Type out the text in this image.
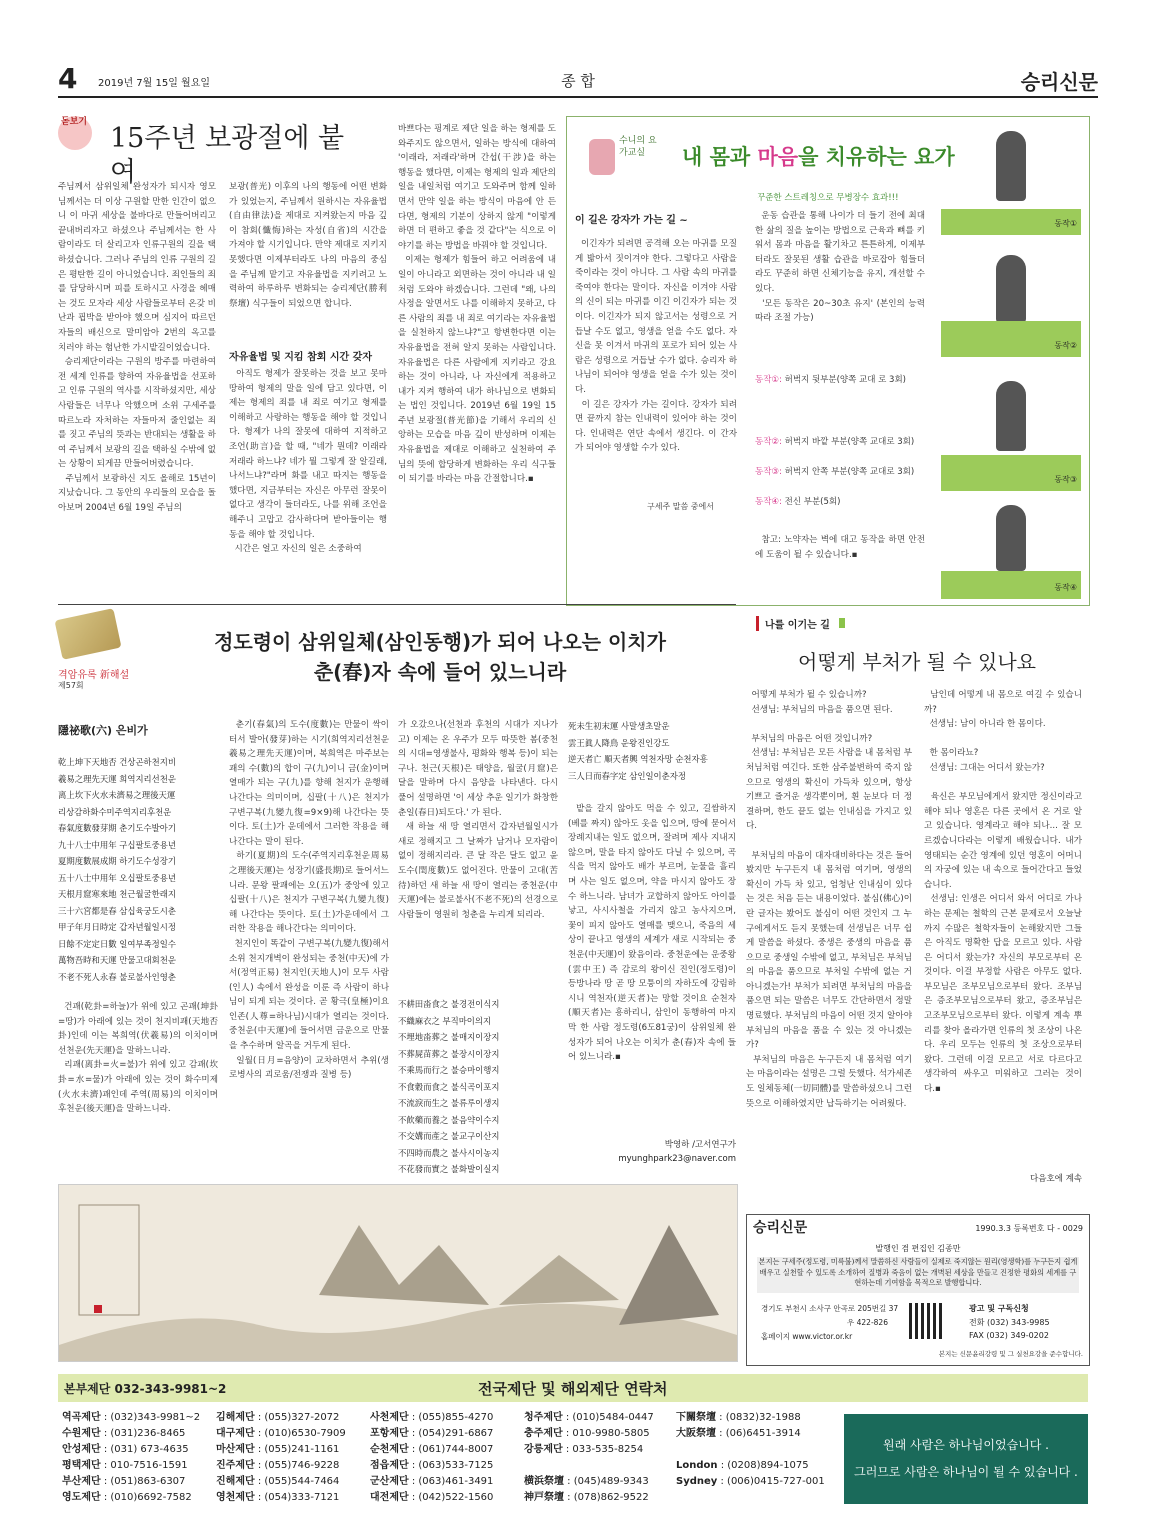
4 2019년 7월 15일 월요일	종 합	승리신문
돋보기
15주년 보광절에 붙여
주님께서 삼위일체 완성자가 되시자 영모님께서는 더 이상 구원할 만한 인간이 없으니 이 마귀 세상을 불바다로 만들어버리고 끝내버리자고 하셨으나 주님께서는 한 사람이라도 더 살리고자 인류구원의 길을 택하셨습니다. 그러나 주님의 인류 구원의 길은 평탄한 길이 아니었습니다. 죄인들의 죄를 담당하시며 피를 토하시고 사경을 헤매는 것도 모자라 세상 사람들로부터 온갖 비난과 핍박을 받아야 했으며 심지어 따르던 자들의 배신으로 말미암아 2번의 옥고를 치러야 하는 험난한 가시밭길이었습니다.
승리제단이라는 구원의 방주를 마련하여 전 세계 인류를 향하여 자유율법을 선포하고 인류 구원의 역사를 시작하셨지만, 세상 사람들은 너무나 악했으며 소위 구세주를 따르노라 자처하는 자들마저 줄인없는 죄를 짓고 주님의 뜻과는 반대되는 생활을 하여 주님께서 보광의 길을 택하실 수밖에 없는 상황이 되게끔 만들어버렸습니다.
주님께서 보광하신 지도 올해로 15년이 지났습니다. 그 동안의 우리들의 모습을 돌아보며 2004년 6월 19일 주님의
보광(普光) 이후의 나의 행동에 어떤 변화가 있었는지, 주님께서 원하시는 자유율법(自由律法)을 제대로 지켜왔는지 마음 깊이 참회(懺悔)하는 자성(自省)의 시간을 가져야 할 시기입니다. 만약 제대로 지키지 못했다면 이제부터라도 나의 마음의 중심을 주님께 맡기고 자유율법을 지키려고 노력하여 하루하루 변화되는 승리제단(勝利祭壇) 식구들이 되었으면 합니다.
자유율법 및 지킴 참회 시간 갖자
아직도 형제가 잘못하는 것을 보고 못마땅하여 형제의 말을 일에 담고 있다면, 이제는 형제의 죄를 내 죄로 여기고 형제를 이해하고 사랑하는 행동을 해야 할 것입니다. 형제가 나의 잘못에 대하여 지적하고 조언(助言)을 할 때, "네가 뭔데? 이래라 저래라 하느냐? 네가 뭘 그렇게 잘 알길래, 나서느냐?"라며 화를 내고 따지는 행동을 했다면, 지금부터는 자신은 아무런 잘못이 없다고 생각이 들더라도, 나를 위해 조언을 해주니 고맙고 감사하다며 받아들이는 행동을 해야 할 것입니다.
시간은 얼고 자신의 일은 소중하여
바쁘다는 핑계로 제단 일을 하는 형제를 도와주지도 않으면서, 일하는 방식에 대하여 '이래라, 저래라'하며 간섭(干涉)을 하는 행동을 했다면, 이제는 형제의 일과 제단의 일을 내일처럼 여기고 도와주며 함께 일하면서 만약 일을 하는 방식이 마음에 안 든다면, 형제의 기분이 상하지 않게 "이렇게 하면 더 편하고 좋을 것 같다"는 식으로 이야기를 하는 방법을 바꿔야 할 것입니다.
이제는 형제가 힘들어 하고 어려움에 내 일이 아니라고 외면하는 것이 아니라 내 일처럼 도와야 하겠습니다. 그런데 "왜, 나의 사정을 알면서도 나를 이해하지 못하고, 다른 사람의 죄를 내 죄로 여기라는 자유율법을 실천하지 않느냐?"고 항변한다면 이는 자유율법을 전혀 알지 못하는 사람입니다. 자유율법은 다른 사람에게 지키라고 강요하는 것이 아니라, 나 자신에게 적용하고 내가 지켜 행하여 내가 하나님으로 변화되는 법인 것입니다. 2019년 6월 19일 15주년 보광절(普光節)을 기해서 우리의 신앙하는 모습을 마음 깊이 반성하며 이제는 자유율법을 제대로 이해하고 실천하여 주님의 뜻에 합당하게 변화하는 우리 식구들이 되기를 바라는 마음 간절합니다.▪
수니의 요가교실	내 몸과 마음을 치유하는 요가
이 길은 강자가 가는 길 ~
이긴자가 되려면 공격해 오는 마귀를 모질게 밟아서 짓이겨야 한다. 그렇다고 사람을 죽이라는 것이 아니다. 그 사람 속의 마귀를 죽여야 한다는 말이다. 자신을 이겨야 사람의 신이 되는 마귀를 이긴 이긴자가 되는 것이다. 이긴자가 되지 않고서는 성령으로 거듭날 수도 없고, 영생을 얻을 수도 없다. 자신을 못 이겨서 마귀의 포로가 되어 있는 사람은 성령으로 거듭날 수가 없다. 승리자 하나님이 되어야 영생을 얻을 수가 있는 것이다.
이 길은 강자가 가는 길이다. 강자가 되려면 끝까지 참는 인내력이 있어야 하는 것이다. 인내력은 연단 속에서 생긴다. 이 간자가 되어야 영생할 수가 있다.
구세주 말씀 중에서
꾸준한 스트레칭으로 무병장수 효과!!!
운동 습관을 통해 나이가 더 들기 전에 최대한 삶의 질을 높이는 방법으로 근육과 뼈를 키워서 몸과 마음을 활기차고 튼튼하게, 이제부터라도 잘못된 생활 습관을 바로잡아 힘들더라도 꾸준히 하면 신체기능을 유지, 개선할 수 있다.
'모든 동작은 20~30초 유지' (본인의 능력 따라 조절 가능)
동작①: 허벅지 뒷부분(양쪽 교대 로 3회)
동작②: 허벅지 바깥 부분(양쪽 교대로 3회)
동작③: 허벅지 안쪽 부분(양쪽 교대로 3회)
동작④: 전신 부분(5회)
참고: 노약자는 벽에 대고 동작을 하면 안전에 도움이 될 수 있습니다.▪
동작①
동작②
동작③
동작④
격암유록 新해설
제57회
정도령이 삼위일체(삼인동행)가 되어 나오는 이치가
춘(春)자 속에 들어 있느니라
隱祕歌(六) 은비가
乾上坤下天地否 건상곤하천지비
羲易之理先天運 희역지리선천운
离上坎下火水未濟易之理後天運
리상감하화수미주역지리후천운
春氣度數發芽期 춘기도수발아기
九十八士中用年 구십팔토중용년
夏期度數展成期 하기도수성장기
五十八士中用年 오십팔토중용년
天根月窟寒來地 천근월굴한래지
三十六宮都是春 삼십육궁도시춘
甲子年月日時定 갑자년월일시정
日餘不定定日數 일여부족정일수
萬物吾時和天運 만물고대회천운
不老不死人永春 불로불사인영춘
건괘(乾卦=하늘)가 위에 있고 곤괘(坤卦=땅)가 아래에 있는 것이 천지비괘(天地否卦)인데 이는 복희역(伏羲易)의 이치이며 선천운(先天運)을 말하느니라.
리괘(离卦=火=불)가 위에 있고 감괘(坎卦=水=물)가 아래에 있는 것이 화수미제(火水未濟)괘인데 주역(周易)의 이치이며 후천운(後天運)을 말하느니라.
춘기(春氣)의 도수(度數)는 만물이 싹이 터서 발아(發芽)하는 시기(희역지리선천운羲易之理先天運)이며, 복희역은 마주보는 괘의 수(數)의 합이 구(九)이니 금(金)이며 열매가 되는 구(九)를 향해 천지가 운행해 나간다는 의미이며, 십팔(十八)은 천지가 구변구복(九變九復=9×9)해 나간다는 뜻이다. 토(土)가 운데에서 그러한 작용을 해나간다는 말이 된다.
하기(夏期)의 도수(주역지리후천운周易之理後天運)는 성장기(盛長期)로 들어서느니라. 문왕 팔괘에는 오(五)가 중앙에 있고 십팔(十八)은 천지가 구변구복(九變九復)해 나간다는 뜻이다. 토(土)가운데에서 그러한 작용을 해나간다는 의미이다.
천지인이 똑같이 구변구복(九變九復)해서 소위 천지개벽이 완성되는 중천(中天)에 가서(정역正易) 천지인(天地人)이 모두 사람(인人) 속에서 완성을 이룬 즉 사람이 하나님이 되게 되는 것이다. 곧 황극(皇極)이요 인존(人尊=하나님)시대가 열리는 것이다. 중천운(中天運)에 들어서면 금운으로 만물을 추수하며 알곡을 거두게 된다.
일월(日月=음양)이 교차하면서 추위(생로병사의 괴로움/전쟁과 질병 등)
가 오갔으나(선천과 후천의 시대가 지나가고) 이제는 온 우주가 모두 따뜻한 봄(중천의 시대=영생불사, 평화와 행복 등)이 되는구나. 천근(天根)은 태양을, 월굴(月窟)은 달을 말하며 다시 음양을 나타낸다. 다시 풀어 설명하면 '이 세상 추운 일기가 화창한 춘일(春日)되도다.' 가 된다.
새 하늘 새 땅 열리면서 갑자년월일시가 새로 정해지고 그 날짜가 남거나 모자람이 없이 정해지리라. 큰 달 작은 달도 없고 윤도수(閏度數)도 없어진다. 만물이 고대(苦待)하던 새 하늘 새 땅이 열리는 중천운(中天運)에는 불로불사(不老不死)의 선경으로 사람들이 영원히 청춘을 누리게 되리라.
不耕田畓食之 불경전이식지
不織麻衣之 부직마이의지
不埋地畓葬之 불매지이장지
不葬屍苗葬之 불장시이장지
不乘馬而行之 불승마이행지
不食穀而食之 불식곡이포지
不流淚而生之 불류루이생지
不飮藥而養之 불음약이수지
不交媾而產之 불교구이산지
不四時而農之 불사시이농지
不花發而實之 불화발이실지
死未生初末運 사말생초말운
雲王眞人降鳥 운왕진인강도
逆天者亡 順天者興 역천자망 순천자흥
三人日而春字定 삼인일이춘자정
밭을 갈지 않아도 먹을 수 있고, 길쌈하지(베를 짜지) 않아도 옷을 입으며, 땅에 묻어서 장례지내는 일도 없으며, 잘려며 제사 지내지 않으며, 말을 타지 않아도 다닐 수 있으며, 곡식을 먹지 않아도 배가 부르며, 눈물을 흘리며 사는 일도 없으며, 약을 마시지 않아도 장수 하느니라. 남녀가 교합하지 않아도 아이를 낳고, 사시사철을 가리지 않고 농사지으며, 꽃이 피지 않아도 열매를 맺으니, 죽음의 세상이 끝나고 영생의 세계가 새로 시작되는 중천운(中天運)이 왔음이라. 중천운에는 운중왕(雲中王) 즉 감로의 왕이신 진인(정도령)이 등방나라 땅 곧 땅 모퉁이의 자하도에 강림하시니 역천자(逆天者)는 망할 것이요 순천자(順天者)는 흥하리니, 삼인이 동행하여 마지막 한 사람 정도령(6도81궁)이 삼위일체 완성자가 되어 나오는 이치가 춘(春)자 속에 들어 있느니라.▪
박영하 /고서연구가
myunghpark23@naver.com
나를 이기는 길
어떻게 부처가 될 수 있나요
어떻게 부처가 될 수 있습니까?
선생님: 부처님의 마음을 품으면 된다.

부처님의 마음은 어떤 것입니까?
선생님: 부처님은 모든 사람을 내 몸처럼 부처님처럼 여긴다. 또한 삼주불변하여 죽지 않으므로 영생의 확신이 가득차 있으며, 항상 기쁘고 즐거운 생각뿐이며, 흰 눈보다 더 정결하며, 한도 끝도 없는 인내심을 가지고 있다.

부처님의 마음이 대자대비하다는 것은 들어봤지만 누구든지 내 몸처럼 여기며, 영생의 확신이 가득 차 있고, 엄청난 인내심이 있다는 것은 처음 듣는 내용이었다. 불심(佛心)이란 글자는 봤어도 불심이 어떤 것인지 그 누구에게서도 듣지 못했는데 선생님은 너무 쉽게 말씀을 하셨다. 중생은 중생의 마음을 품으므로 중생일 수밖에 없고, 부처님은 부처님의 마음을 품으므로 부처일 수밖에 없는 거 아니겠는가! 부처가 되려면 부처님의 마음을 품으면 되는 말씀은 너무도 간단하면서 정말 명료했다. 부처님의 마음이 어떤 것지 알아야 부처님의 마음을 품을 수 있는 것 아니겠는가?
부처님의 마음은 누구든지 내 몸처럼 여기는 마음이라는 설명은 그럴 듯했다. 석가세존도 일체동체(一切同體)를 말씀하셨으니 그런 뜻으로 이해하였지만 납득하기는 어려웠다.
남인데 어떻게 내 몸으로 여길 수 있습니까?
선생님: 남이 아니라 한 몸이다.

한 몸이라뇨?
선생님: 그대는 어디서 왔는가?

육신은 부모님에게서 왔지만 정신이라고 해야 되나 영혼은 다른 곳에서 온 거로 알고 있습니다. 영계라고 해야 되나... 잘 모르겠습니다라는 이렇게 배웠습니다. 내가 영태되는 순간 영계에 있던 영혼이 어머니의 자궁에 있는 내 속으로 들어간다고 들었습니다.
선생님: 인생은 어디서 와서 어디로 가나 하는 문제는 철학의 근본 문제로서 오늘날까지 수많은 철학자들이 논해왔지만 그들은 아직도 명확한 답을 모르고 있다. 사람은 어디서 왔는가? 자신의 부모로부터 온 것이다. 이걸 부정할 사람은 아무도 없다. 부모님은 조부모님으로부터 왔다. 조부님은 증조부모님으로부터 왔고, 증조부님은 고조부모님으로부터 왔다. 이렇게 계속 뿌리를 찾아 올라가면 인류의 첫 조상이 나온다. 우리 모두는 인류의 첫 조상으로부터 왔다. 그런데 이걸 모르고 서로 다르다고 생각하여 싸우고 미워하고 그러는 것이다.▪
다음호에 계속
승리신문	1990.3.3 등록번호 다 - 0029
발행인 겸 편집인 김종만
본지는 구세주(정도령, 미륵불)께서 말씀하신 사람들이 실제로 죽지않는 원리(영생학)를 누구든지 쉽게 배우고 실천할 수 있도록 소개하여 질병과 죽음이 없는 개벽된 세상을 만들고 진정한 평화의 세계를 구현하는데 기여함을 목적으로 발행합니다.
경기도 부천시 소사구 안곡로 205번길 37
우 422-826
홈페이지 www.victor.or.kr
광고 및 구독신청
전화 (032) 343-9985
FAX (032) 349-0202
본지는 신문윤리강령 및 그 실천요강을 준수합니다.
본부제단 032-343-9981~2	전국제단 및 해외제단 연락처
역곡제단 : (032)343-9981~2
수원제단 : (031)236-8465
안성제단 : (031) 673-4635
평택제단 : 010-7516-1591
부산제단 : (051)863-6307
영도제단 : (010)6692-7582
김해제단 : (055)327-2072
대구제단 : (010)6530-7909
마산제단 : (055)241-1161
진주제단 : (055)746-9228
진해제단 : (055)544-7464
영천제단 : (054)333-7121
사천제단 : (055)855-4270
포항제단 : (054)291-6867
순천제단 : (061)744-8007
점읍제단 : (063)533-7125
군산제단 : (063)461-3491
대전제단 : (042)522-1560
청주제단 : (010)5484-0447
충주제단 : 010-9980-5805
강릉제단 : 033-535-8254
横浜祭壇 : (045)489-9343
神戸祭壇 : (078)862-9522
下關祭壇 : (0832)32-1988
大阪祭壇 : (06)6451-3914
London : (0208)894-1075
Sydney : (006)0415-727-001
원래 사람은 하나님이었습니다 .
그러므로 사람은 하나님이 될 수 있습니다 .
